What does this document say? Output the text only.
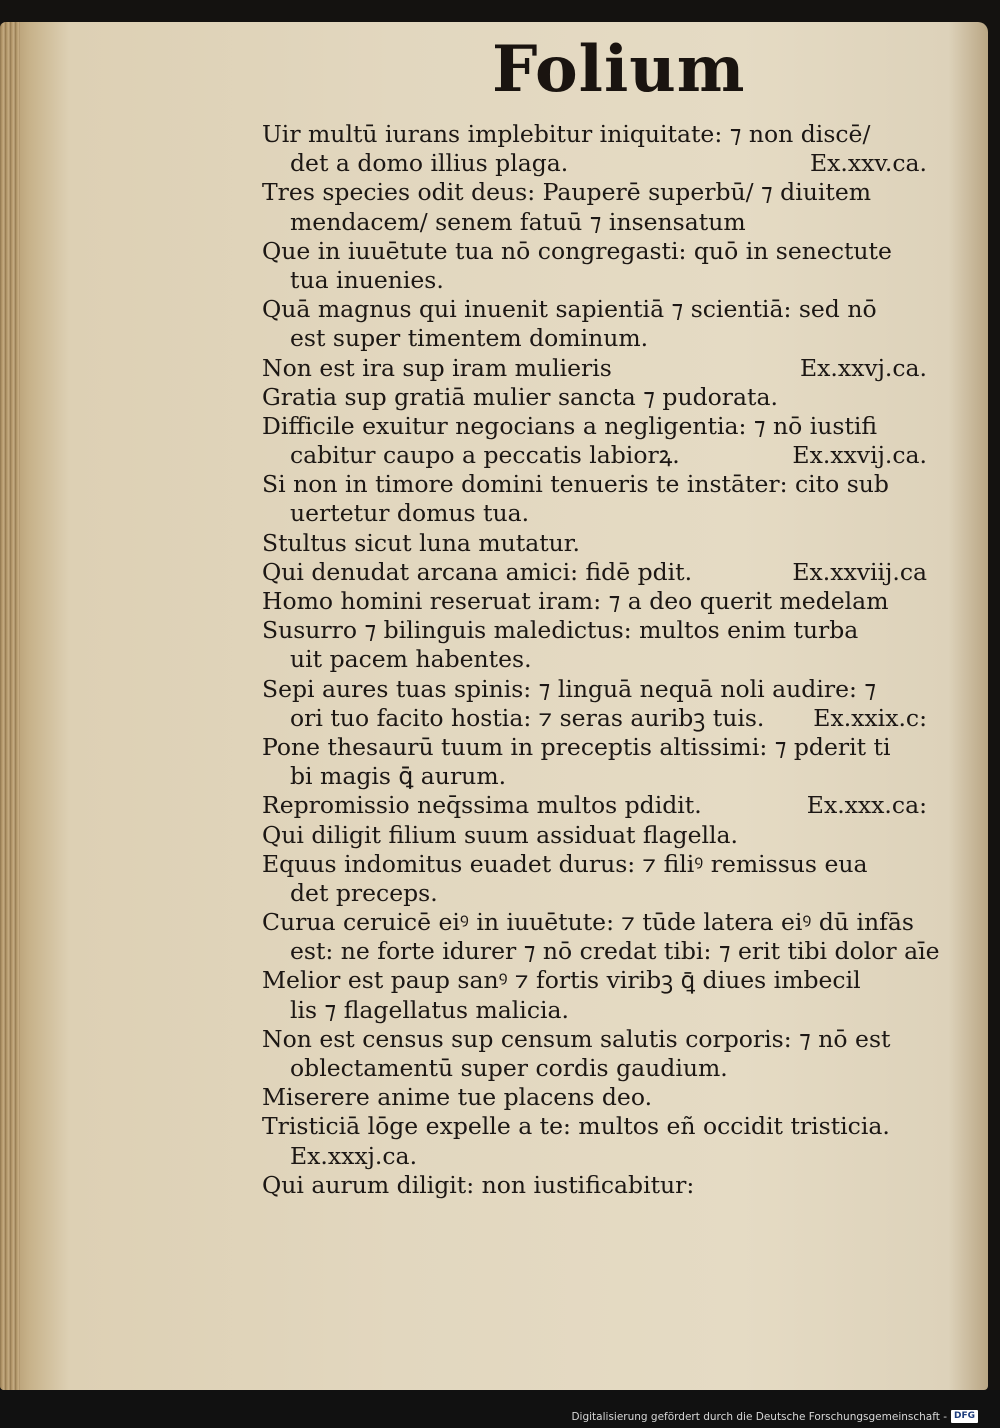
Folium
Uir multū iurans implebitur iniquitate: ⁊ non discē/
det a domo illius plaga.	Ex.xxv.ca.
Tres species odit deus: Pauperē superbū/ ⁊ diuitem
mendacem/ senem fatuū ⁊ insensatum
Que in iuuētute tua nō congregasti: quō in senectute
tua inuenies.
Quā magnus qui inuenit sapientiā ⁊ scientiā: sed nō
est super timentem dominum.
Non est ira sup iram mulieris	Ex.xxvj.ca.
Gratia sup gratiā mulier sancta ⁊ pudorata.
Difficile exuitur negocians a negligentia: ⁊ nō iustifi
cabitur caupo a peccatis labiorꝝ.	Ex.xxvij.ca.
Si non in timore domini tenueris te instāter: cito sub
uertetur domus tua.
Stultus sicut luna mutatur.
Qui denudat arcana amici: fidē pdit.	Ex.xxviij.ca
Homo homini reseruat iram: ⁊ a deo querit medelam
Susurro ⁊ bilinguis maledictus: multos enim turba
uit pacem habentes.
Sepi aures tuas spinis: ⁊ linguā nequā noli audire: ⁊
ori tuo facito hostia: ⁊ seras auribꝫ tuis.	Ex.xxix.c:
Pone thesaurū tuum in preceptis altissimi: ⁊ pderit ti
bi magis ꝗ̄ aurum.
Repromissio neq̄ssima multos pdidit.	Ex.xxx.ca:
Qui diligit filium suum assiduat flagella.
Equus indomitus euadet durus: ⁊ filiꝰ remissus eua
det preceps.
Curua ceruicē eiꝰ in iuuētute: ⁊ tūde latera eiꝰ dū infās
est: ne forte idurer ⁊ nō credat tibi: ⁊ erit tibi dolor aīe
Melior est paup sanꝰ ⁊ fortis viribꝫ ꝗ̄ diues imbecil
lis ⁊ flagellatus malicia.
Non est census sup censum salutis corporis: ⁊ nō est
oblectamentū super cordis gaudium.
Miserere anime tue placens deo.
Tristiciā lōge expelle a te: multos eñ occidit tristicia.
Ex.xxxj.ca.
Qui aurum diligit: non iustificabitur:
Digitalisierung gefördert durch die Deutsche Forschungsgemeinschaft - DFG
